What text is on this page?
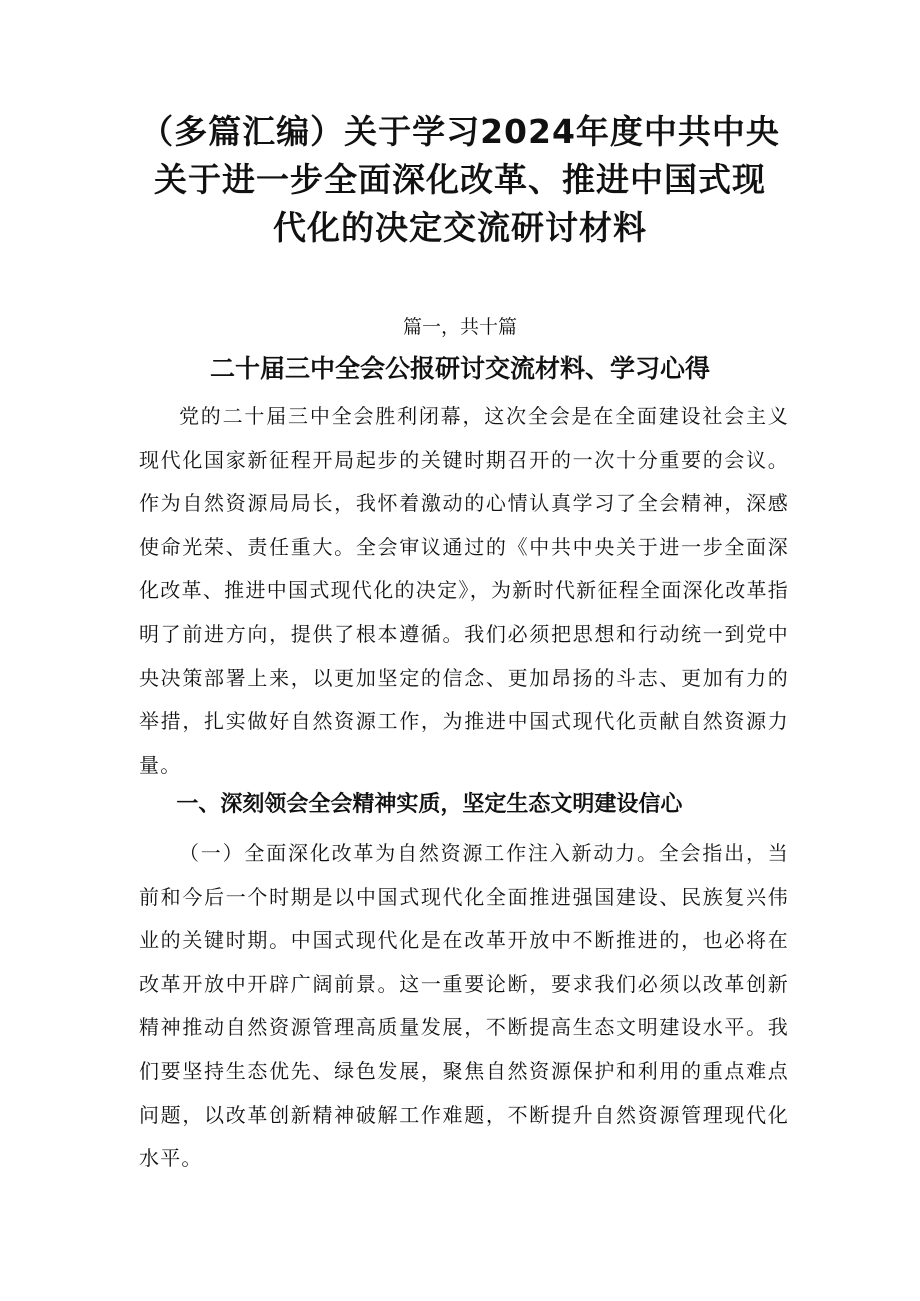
（多篇汇编）关于学习2024年度中共中央
关于进一步全面深化改革、推进中国式现
代化的决定交流研讨材料

篇一，共十篇

二十届三中全会公报研讨交流材料、学习心得

党的二十届三中全会胜利闭幕，这次全会是在全面建设社会主义现代化国家新征程开局起步的关键时期召开的一次十分重要的会议。作为自然资源局局长，我怀着激动的心情认真学习了全会精神，深感使命光荣、责任重大。全会审议通过的《中共中央关于进一步全面深化改革、推进中国式现代化的决定》，为新时代新征程全面深化改革指明了前进方向，提供了根本遵循。我们必须把思想和行动统一到党中央决策部署上来，以更加坚定的信念、更加昂扬的斗志、更加有力的举措，扎实做好自然资源工作，为推进中国式现代化贡献自然资源力量。

一、深刻领会全会精神实质，坚定生态文明建设信心

（一）全面深化改革为自然资源工作注入新动力。全会指出，当前和今后一个时期是以中国式现代化全面推进强国建设、民族复兴伟业的关键时期。中国式现代化是在改革开放中不断推进的，也必将在改革开放中开辟广阔前景。这一重要论断，要求我们必须以改革创新精神推动自然资源管理高质量发展，不断提高生态文明建设水平。我们要坚持生态优先、绿色发展，聚焦自然资源保护和利用的重点难点问题，以改革创新精神破解工作难题，不断提升自然资源管理现代化水平。
